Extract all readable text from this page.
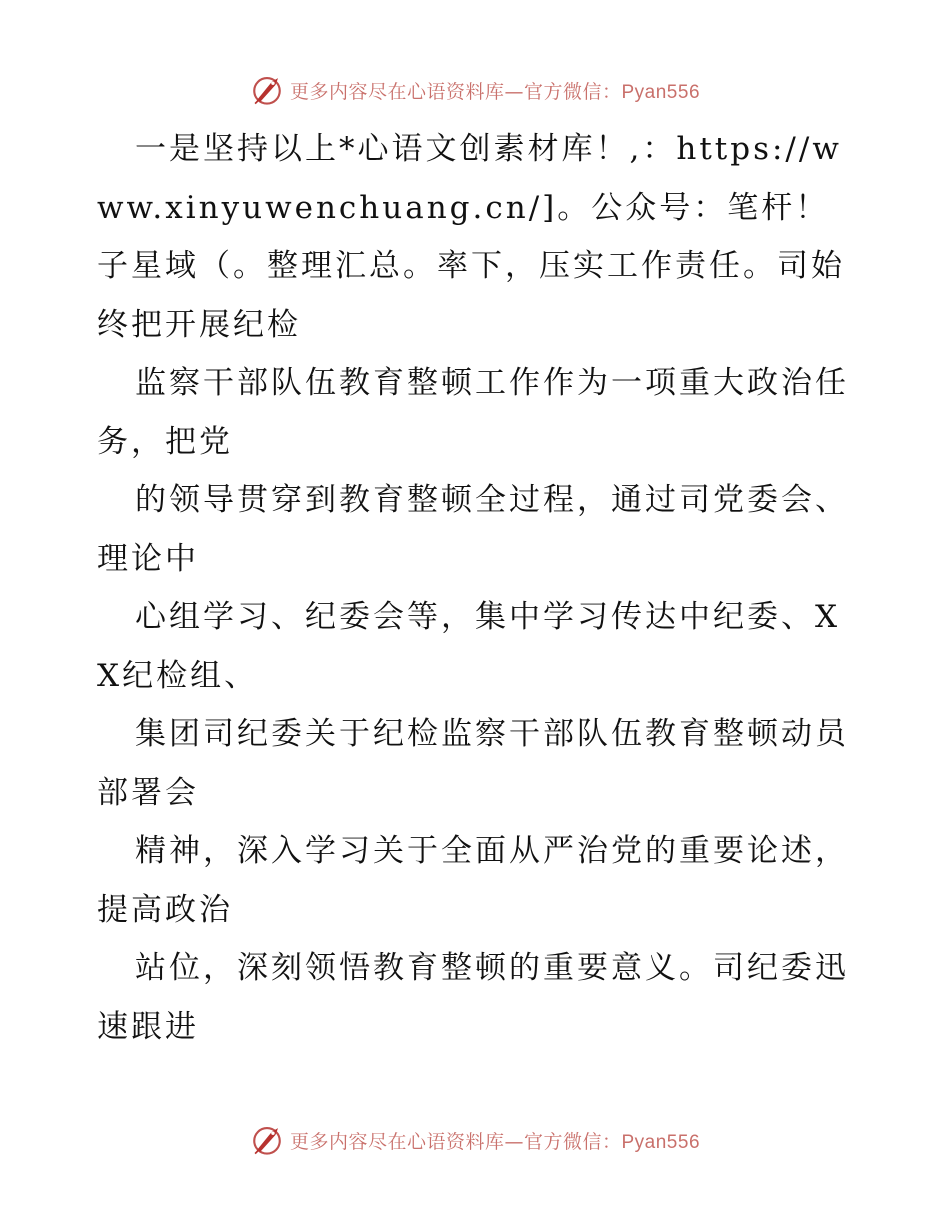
更多内容尽在心语资料库—官方微信：Pyan556

一是坚持以上*心语文创素材库！,：https://www.xinyuwenchuang.cn/]。公众号：笔杆！子星域（。整理汇总。率下，压实工作责任。司始终把开展纪检

监察干部队伍教育整顿工作作为一项重大政治任务，把党

的领导贯穿到教育整顿全过程，通过司党委会、理论中

心组学习、纪委会等，集中学习传达中纪委、XX纪检组、

集团司纪委关于纪检监察干部队伍教育整顿动员部署会

精神，深入学习关于全面从严治党的重要论述，提高政治

站位，深刻领悟教育整顿的重要意义。司纪委迅速跟进

更多内容尽在心语资料库—官方微信：Pyan556
